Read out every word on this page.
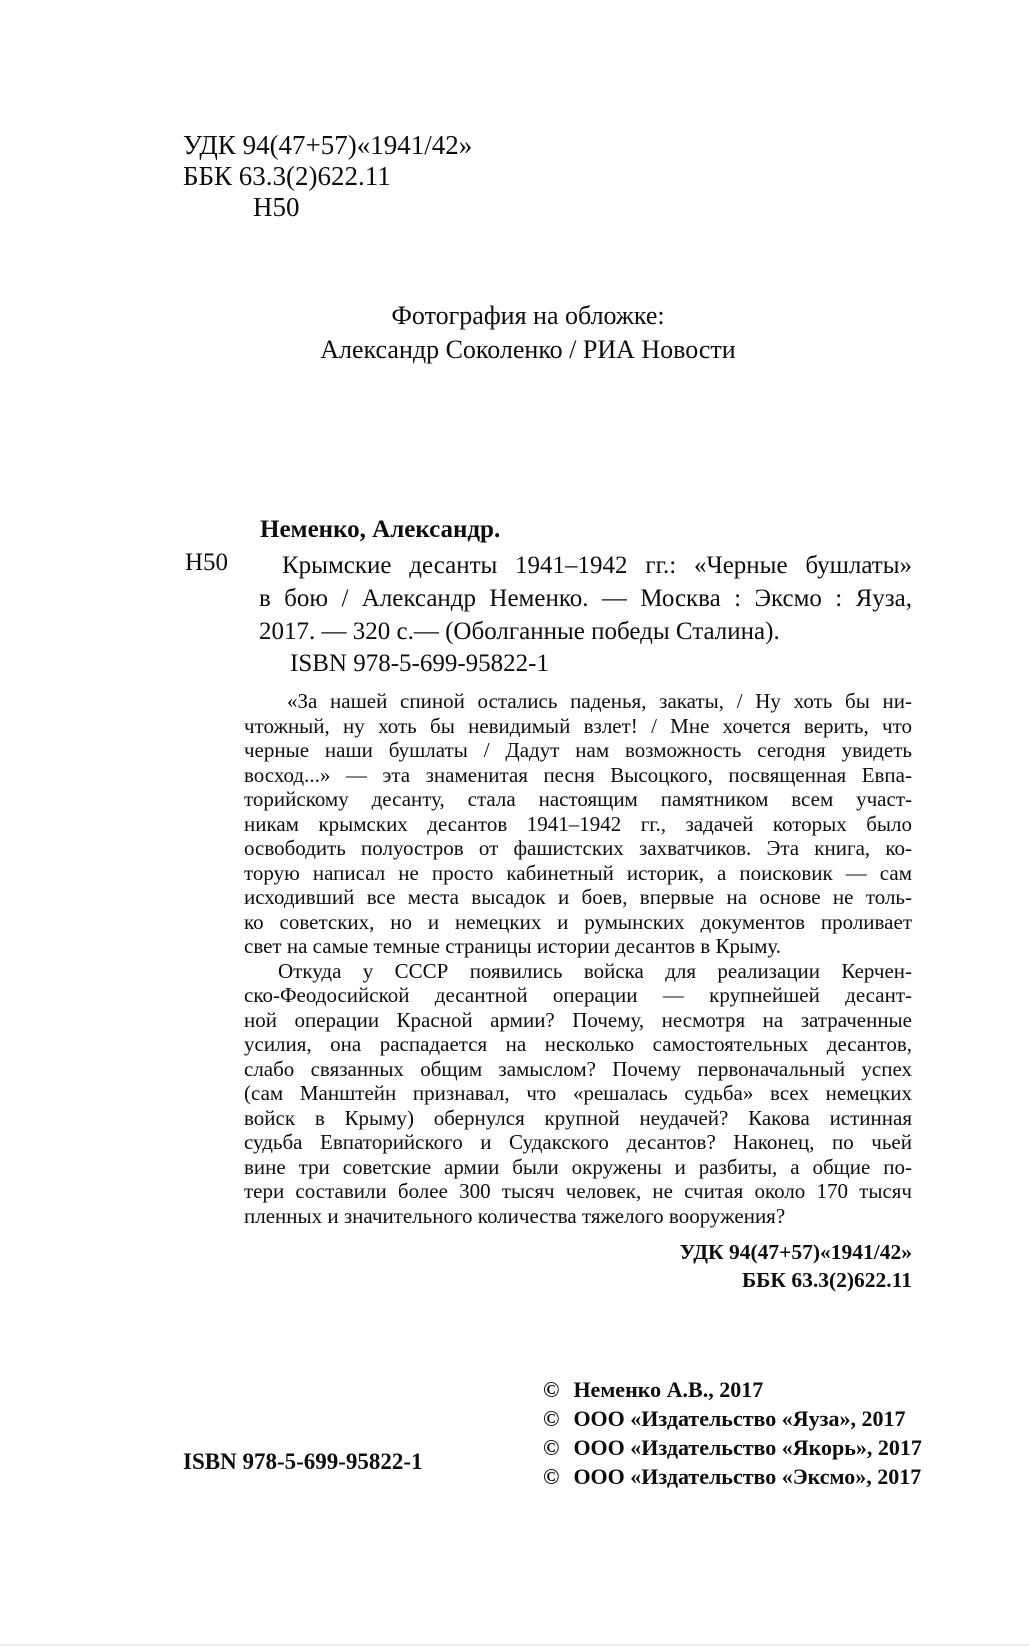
УДК 94(47+57)«1941/42»
ББК 63.3(2)622.11
Н50
Фотография на обложке:
Александр Соколенко / РИА Новости
Неменко, Александр.
Н50	Крымские десанты 1941–1942 гг.: «Черные бушлаты»
в бою / Александр Неменко. — Москва : Эксмо : Яуза,
2017. — 320 с.— (Оболганные победы Сталина).
ISBN 978-5-699-95822-1
«За нашей спиной остались паденья, закаты, / Ну хоть бы ни-
чтожный, ну хоть бы невидимый взлет! / Мне хочется верить, что
черные наши бушлаты / Дадут нам возможность сегодня увидеть
восход...» — эта знаменитая песня Высоцкого, посвященная Евпа-
торийскому десанту, стала настоящим памятником всем участ-
никам крымских десантов 1941–1942 гг., задачей которых было
освободить полуостров от фашистских захватчиков. Эта книга, ко-
торую написал не просто кабинетный историк, а поисковик — сам
исходивший все места высадок и боев, впервые на основе не толь-
ко советских, но и немецких и румынских документов проливает
свет на самые темные страницы истории десантов в Крыму.
Откуда у СССР появились войска для реализации Керчен-
ско-Феодосийской десантной операции — крупнейшей десант-
ной операции Красной армии? Почему, несмотря на затраченные
усилия, она распадается на несколько самостоятельных десантов,
слабо связанных общим замыслом? Почему первоначальный успех
(сам Манштейн признавал, что «решалась судьба» всех немецких
войск в Крыму) обернулся крупной неудачей? Какова истинная
судьба Евпаторийского и Судакского десантов? Наконец, по чьей
вине три советские армии были окружены и разбиты, а общие по-
тери составили более 300 тысяч человек, не считая около 170 тысяч
пленных и значительного количества тяжелого вооружения?
УДК 94(47+57)«1941/42»
ББК 63.3(2)622.11
© Неменко А.В., 2017
© ООО «Издательство «Яуза», 2017
© ООО «Издательство «Якорь», 2017
© ООО «Издательство «Эксмо», 2017
ISBN 978-5-699-95822-1
